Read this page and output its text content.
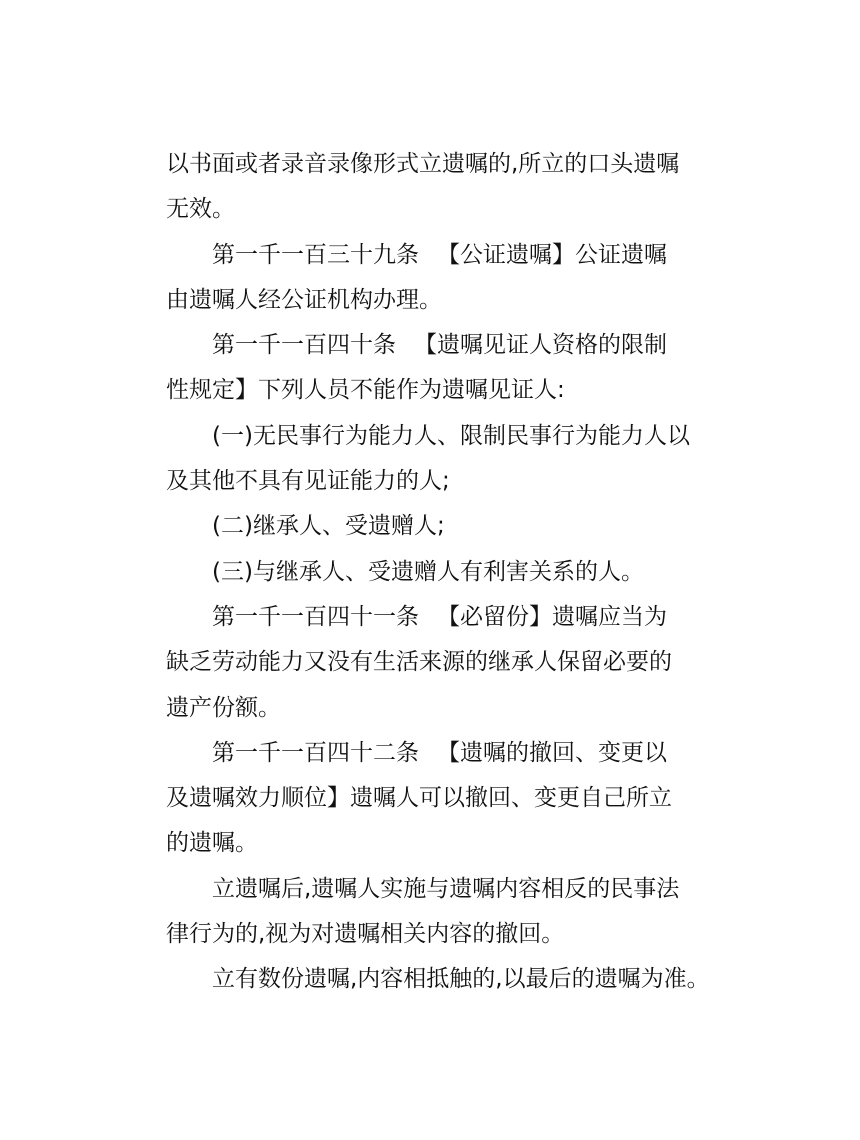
以书面或者录音录像形式立遗嘱的,所立的口头遗嘱
无效。
第一千一百三十九条 【公证遗嘱】公证遗嘱
由遗嘱人经公证机构办理。
第一千一百四十条 【遗嘱见证人资格的限制
性规定】下列人员不能作为遗嘱见证人:
(一)无民事行为能力人、限制民事行为能力人以
及其他不具有见证能力的人;
(二)继承人、受遗赠人;
(三)与继承人、受遗赠人有利害关系的人。
第一千一百四十一条 【必留份】遗嘱应当为
缺乏劳动能力又没有生活来源的继承人保留必要的
遗产份额。
第一千一百四十二条 【遗嘱的撤回、变更以
及遗嘱效力顺位】遗嘱人可以撤回、变更自己所立
的遗嘱。
立遗嘱后,遗嘱人实施与遗嘱内容相反的民事法
律行为的,视为对遗嘱相关内容的撤回。
立有数份遗嘱,内容相抵触的,以最后的遗嘱为准。
